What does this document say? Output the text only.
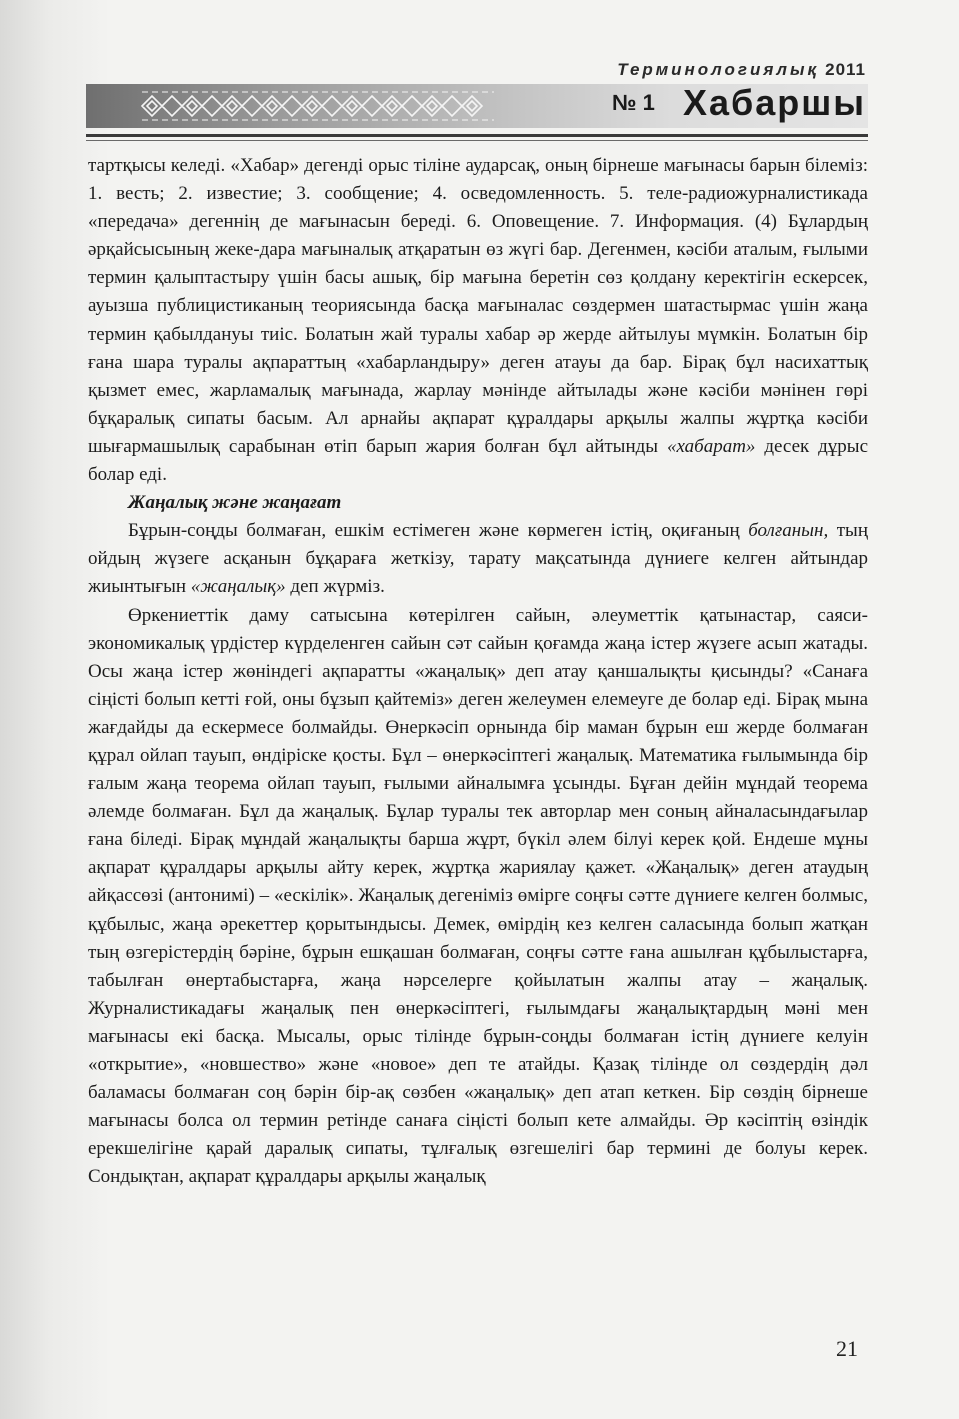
Терминологиялық 2011
№ 1 Хабаршы

тартқысы келеді. «Хабар» дегенді орыс тіліне аударсақ, оның бірнеше мағынасы барын білеміз: 1. весть; 2. известие; 3. сообщение; 4. осведомленность. 5. теле-радиожурналистикада «передача» дегеннің де мағынасын береді. 6. Оповещение. 7. Информация. (4) Бұлардың әрқайсысының жеке-дара мағыналық атқаратын өз жүгі бар. Дегенмен, кәсіби аталым, ғылыми термин қалыптастыру үшін басы ашық, бір мағына беретін сөз қолдану керектігін ескерсек, ауызша публицистиканың теориясында басқа мағыналас сөздермен шатастырмас үшін жаңа термин қабылдануы тиіс. Болатын жай туралы хабар әр жерде айтылуы мүмкін. Болатын бір ғана шара туралы ақпараттың «хабарландыру» деген атауы да бар. Бірақ бұл насихаттық қызмет емес, жарламалық мағынада, жарлау мәнінде айтылады және кәсіби мәнінен гөрі бұқаралық сипаты басым. Ал арнайы ақпарат құралдары арқылы жалпы жұртқа кәсіби шығармашылық сарабынан өтіп барып жария болған бұл айтынды «хабарат» десек дұрыс болар еді.

Жаңалық және жаңағат

Бұрын-соңды болмаған, ешкім естімеген және көрмеген істің, оқиғаның болғанын, тың ойдың жүзеге асқанын бұқараға жеткізу, тарату мақсатында дүниеге келген айтындар жиынтығын «жаңалық» деп жүрміз.

Өркениеттік даму сатысына көтерілген сайын, әлеуметтік қатынастар, саяси-экономикалық үрдістер күрделенген сайын сәт сайын қоғамда жаңа істер жүзеге асып жатады. Осы жаңа істер жөніндегі ақпаратты «жаңалық» деп атау қаншалықты қисынды? «Санаға сіңісті болып кетті ғой, оны бұзып қайтеміз» деген желеумен елемеуге де болар еді. Бірақ мына жағдайды да ескермесе болмайды. Өнеркәсіп орнында бір маман бұрын еш жерде болмаған құрал ойлап тауып, өндіріске қосты. Бұл – өнеркәсіптегі жаңалық. Математика ғылымында бір ғалым жаңа теорема ойлап тауып, ғылыми айналымға ұсынды. Бұған дейін мұндай теорема әлемде болмаған. Бұл да жаңалық. Бұлар туралы тек авторлар мен соның айналасындағылар ғана біледі. Бірақ мұндай жаңалықты барша жұрт, бүкіл әлем білуі керек қой. Ендеше мұны ақпарат құралдары арқылы айту керек, жұртқа жариялау қажет. «Жаңалық» деген атаудың айқассөзі (антонимі) – «ескілік». Жаңалық дегеніміз өмірге соңғы сәтте дүниеге келген болмыс, құбылыс, жаңа әрекеттер қорытындысы. Демек, өмірдің кез келген саласында болып жатқан тың өзгерістердің бәріне, бұрын ешқашан болмаған, соңғы сәтте ғана ашылған құбылыстарға, табылған өнертабыстарға, жаңа нәрселерге қойылатын жалпы атау – жаңалық. Журналистикадағы жаңалық пен өнеркәсіптегі, ғылымдағы жаңалықтардың мәні мен мағынасы екі басқа. Мысалы, орыс тілінде бұрын-соңды болмаған істің дүниеге келуін «открытие», «новшество» және «новое» деп те атайды. Қазақ тілінде ол сөздердің дәл баламасы болмаған соң бәрін бір-ақ сөзбен «жаңалық» деп атап кеткен. Бір сөздің бірнеше мағынасы болса ол термин ретінде санаға сіңісті болып кете алмайды. Әр кәсіптің өзіндік ерекшелігіне қарай даралық сипаты, тұлғалық өзгешелігі бар термині де болуы керек. Сондықтан, ақпарат құралдары арқылы жаңалық

21
